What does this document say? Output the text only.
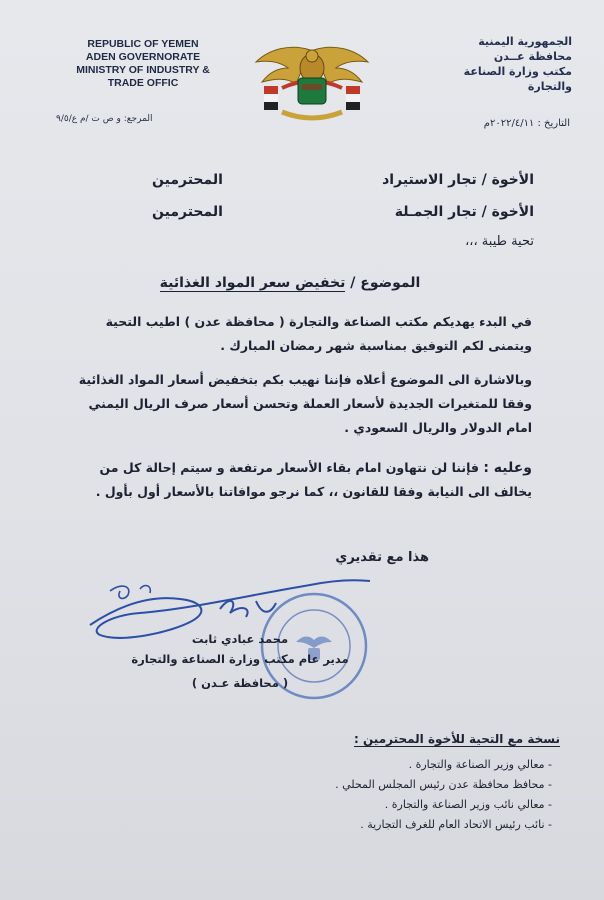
REPUBLIC OF YEMEN
ADEN GOVERNORATE
MINISTRY OF INDUSTRY &
TRADE OFFIC
الجمهورية اليمنية
محافظة عــدن
مكتب وزارة الصناعة
والتجارة
المرجع: و ص ت /م ع/٩/٥	التاريخ : ٢٠٢٢/٤/١١م
الأخوة / تجار الاستيراد
المحترمين
الأخوة / تجار الجمـلة
المحترمين
تحية طيبة ،،،
الموضوع / تخفيض سعر المواد الغذائية
في البدء يهديكم مكتب الصناعة والتجارة ( محافظة عدن ) اطيب التحية ويتمنى لكم التوفيق بمناسبة شهر رمضان المبارك .
وبالاشارة الى الموضوع أعلاه فإننا نهيب بكم بتخفيض أسعار المواد الغذائية وفقا للمتغيرات الجديدة لأسعار العملة وتحسن أسعار صرف الريال اليمني امام الدولار والريال السعودي .
وعليه : فإننا لن نتهاون امام بقاء الأسعار مرتفعة و سيتم إحالة كل من يخالف الى النيابة وفقا للقانون ،، كما نرجو موافاتنا بالأسعار أول بأول .
هذا مع تقديري
محمد عبادي ثابت
مدير عام مكتب وزارة الصناعة والتجارة
( محافظة عـدن )
نسخة مع التحية للأخوة المحترمين :
- معالي وزير الصناعة والتجارة .
- محافظ محافظة عدن رئيس المجلس المحلي .
- معالي نائب وزير الصناعة والتجارة .
- نائب رئيس الاتحاد العام للغرف التجارية .
